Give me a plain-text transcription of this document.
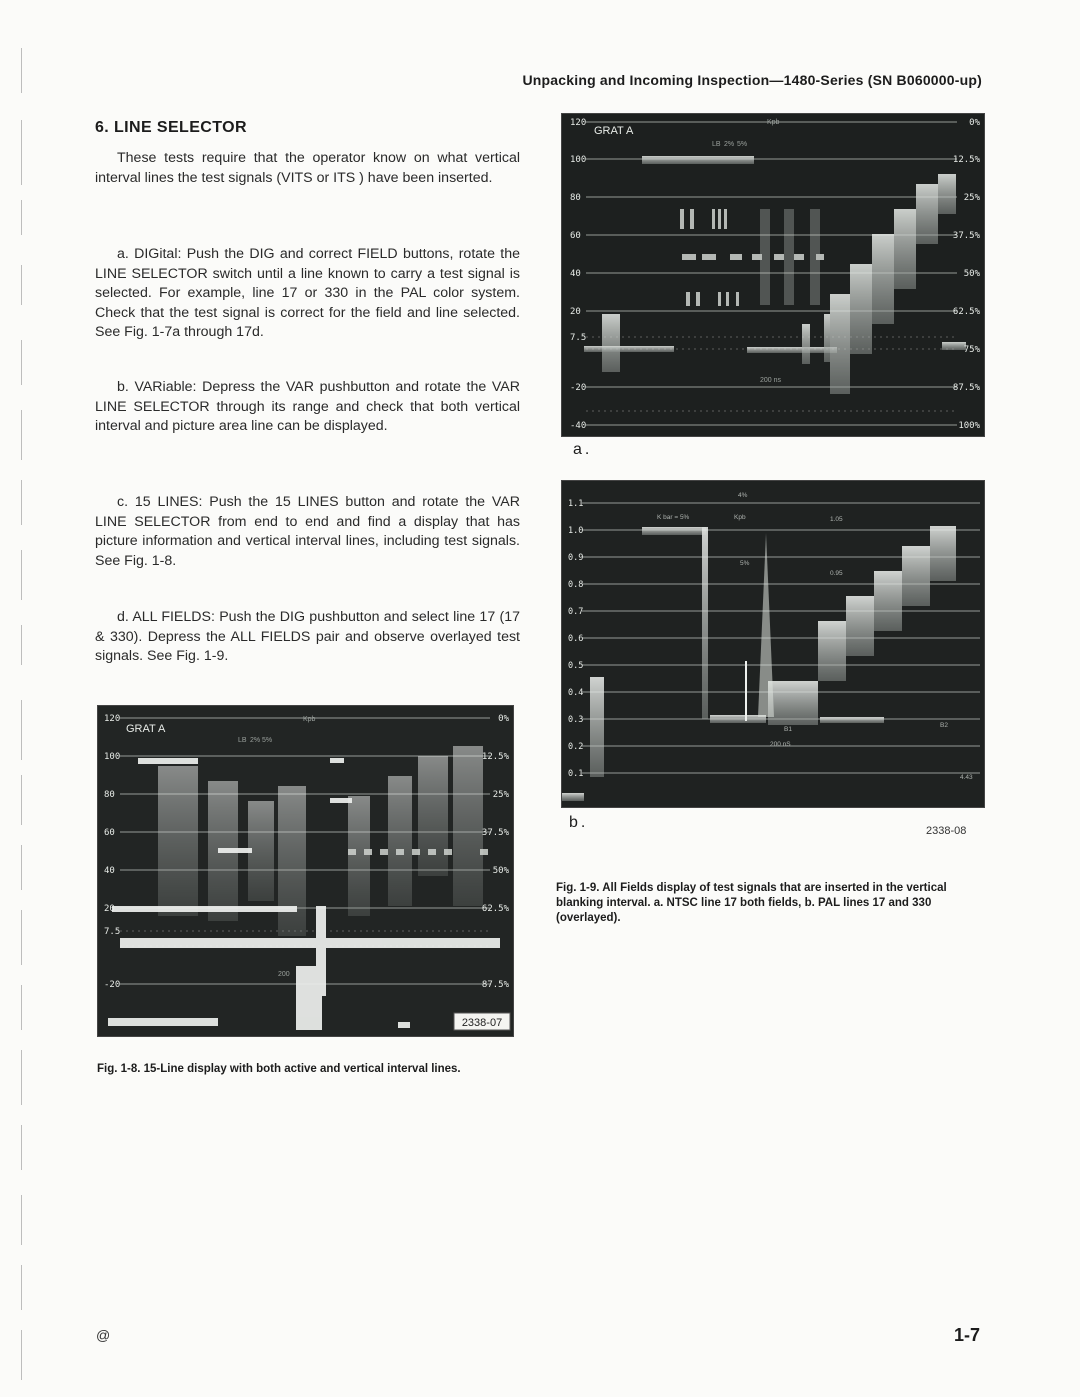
Unpacking and Incoming Inspection—1480-Series (SN B060000-up)
6. LINE SELECTOR
These tests require that the operator know on what vertical interval lines the test signals (VITS or ITS ) have been inserted.
a. DIGital: Push the DIG and correct FIELD buttons, rotate the LINE SELECTOR switch until a line known to carry a test signal is selected. For example, line 17 or 330 in the PAL color system. Check that the test signal is correct for the field and line selected. See Fig. 1-7a through 17d.
b. VARiable: Depress the VAR pushbutton and rotate the VAR LINE SELECTOR through its range and check that both vertical interval and picture area line can be displayed.
c. 15 LINES: Push the 15 LINES button and rotate the VAR LINE SELECTOR from end to end and find a display that has picture information and vertical interval lines, including test signals. See Fig. 1-8.
d. ALL FIELDS: Push the DIG pushbutton and select line 17 (17 & 330). Depress the ALL FIELDS pair and observe overlayed test signals. See Fig. 1-9.
120
100
80
60
40
20
7.5
-20
-40
0%
12.5%
25%
37.5%
50%
62.5%
75%
87.5%
100%
GRAT A
Kpb
LB 2% 5%
200 ns
a.
1.1
1.0
0.9
0.8
0.7
0.6
0.5
0.4
0.3
0.2
0.1
K bar = 5%	Kpb
4%
5%
1.05
0.95
B1
B2
200 nS
4.43
b.	2338-08
Fig. 1-9. All Fields display of test signals that are inserted in the vertical blanking interval. a. NTSC line 17 both fields, b. PAL lines 17 and 330 (overlayed).
120
100
80
60
40
20
7.5
-20
0%
12.5%
25%
37.5%
50%
62.5%
87.5%
GRAT A
Kpb
LB 2% 5%
200
2338-07
Fig. 1-8. 15-Line display with both active and vertical interval lines.
@	1-7
